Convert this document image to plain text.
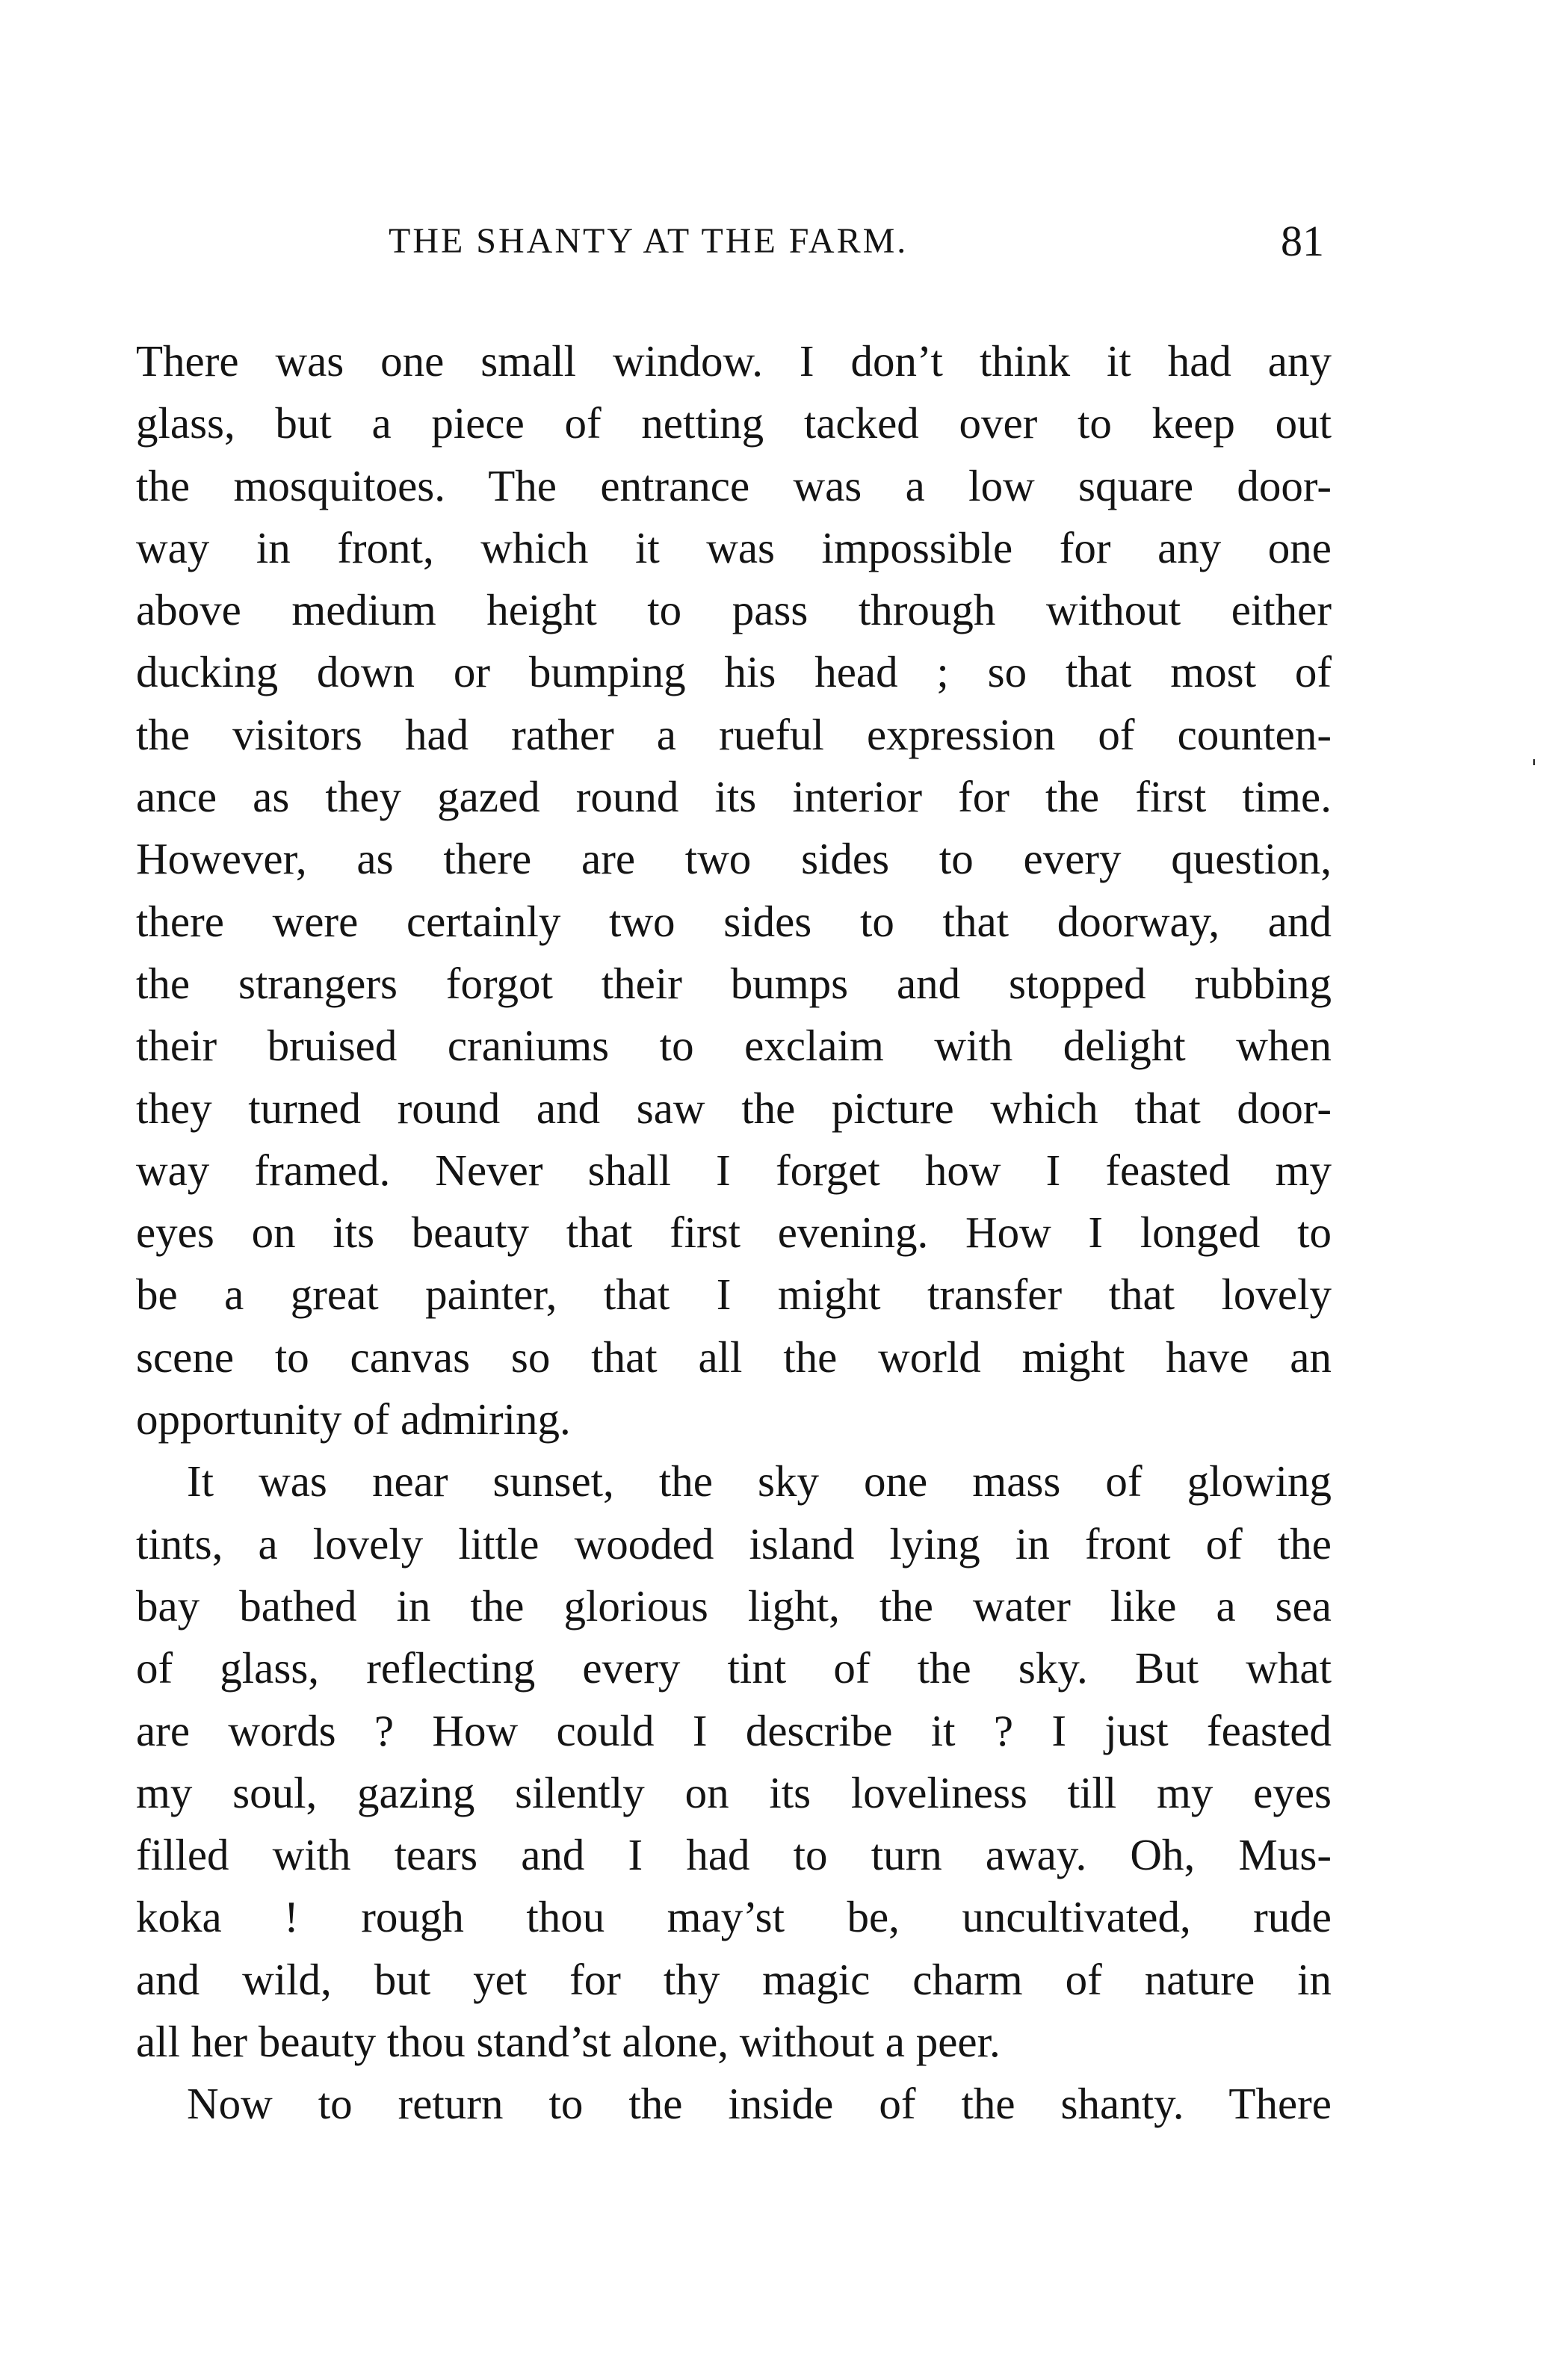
THE SHANTY AT THE FARM.	81
There was one small window. I don’t think it had any
glass, but a piece of netting tacked over to keep out
the mosquitoes. The entrance was a low square door-
way in front, which it was impossible for any one
above medium height to pass through without either
ducking down or bumping his head ; so that most of
the visitors had rather a rueful expression of counten-
ance as they gazed round its interior for the first time.
However, as there are two sides to every question,
there were certainly two sides to that doorway, and
the strangers forgot their bumps and stopped rubbing
their bruised craniums to exclaim with delight when
they turned round and saw the picture which that door-
way framed. Never shall I forget how I feasted my
eyes on its beauty that first evening. How I longed to
be a great painter, that I might transfer that lovely
scene to canvas so that all the world might have an
opportunity of admiring.
It was near sunset, the sky one mass of glowing
tints, a lovely little wooded island lying in front of the
bay bathed in the glorious light, the water like a sea
of glass, reflecting every tint of the sky. But what
are words ? How could I describe it ? I just feasted
my soul, gazing silently on its loveliness till my eyes
filled with tears and I had to turn away. Oh, Mus-
koka ! rough thou may’st be, uncultivated, rude
and wild, but yet for thy magic charm of nature in
all her beauty thou stand’st alone, without a peer.
Now to return to the inside of the shanty. There
